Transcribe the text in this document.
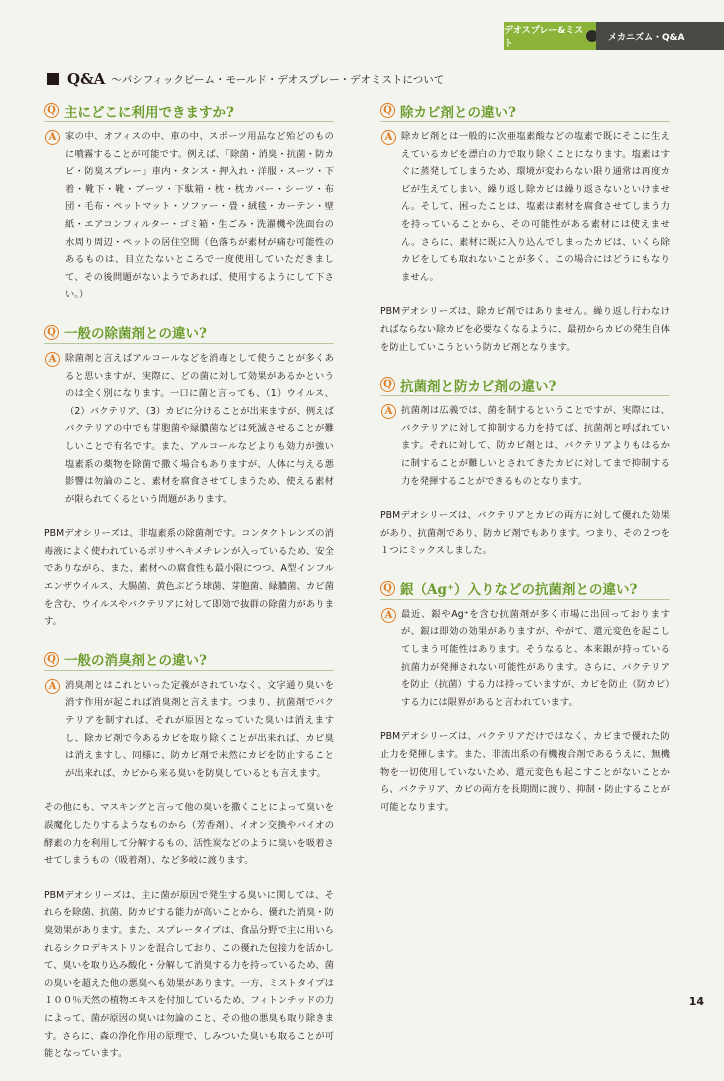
デオスプレー&ミスト
メカニズム・Q&A
Q&A 〜パシフィックビーム・モールド・デオスプレー・デオミストについて
Q 主にどこに利用できますか?
A 家の中、オフィスの中、車の中、スポーツ用品など殆どのものに噴霧することが可能です。例えば、「除菌・消臭・抗菌・防カビ・防臭スプレー」車内・タンス・押入れ・洋服・スーツ・下着・靴下・靴・ブーツ・下駄箱・枕・枕カバー・シーツ・布団・毛布・ペットマット・ソファー・畳・絨毯・カーテン・壁紙・エアコンフィルター・ゴミ箱・生ごみ・洗濯機や洗面台の水周り周辺・ペットの居住空間（色落ちが素材が痛む可能性のあるものは、目立たないところで一度使用していただきまして、その後問題がないようであれば、使用するようにして下さい。）

Q 一般の除菌剤との違い?
A 除菌剤と言えばアルコールなどを消毒として使うことが多くあると思いますが、実際に、どの菌に対して効果があるかというのは全く別になります。一口に菌と言っても、（1）ウイルス、（2）バクテリア、（3）カビに分けることが出来ますが、例えばバクテリアの中でも芽胞菌や緑膿菌などは死滅させることが難しいことで有名です。また、アルコールなどよりも効力が強い塩素系の薬物を除菌で撒く場合もありますが、人体に与える悪影響は勿論のこと、素材を腐食させてしまうため、使える素材が限られてくるという問題があります。

PBMデオシリーズは、非塩素系の除菌剤です。コンタクトレンズの消毒液によく使われているポリサヘキメチレンが入っているため、安全でありながら、また、素材への腐食性も最小限につつ、A型インフルエンザウイルス、大腸菌、黄色ぶどう球菌、芽胞菌、緑膿菌、カビ菌を含む、ウイルスやバクテリアに対して即効で抜群の除菌力があります。

Q 一般の消臭剤との違い?
A 消臭剤とはこれといった定義がされていなく、文字通り臭いを消す作用が起これば消臭剤と言えます。つまり、抗菌剤でバクテリアを制すれば、それが原因となっていた臭いは消えますし、除カビ剤で今あるカビを取り除くことが出来れば、カビ臭は消えますし、同様に、防カビ剤で未然にカビを防止することが出来れば、カビから来る臭いを防臭しているとも言えます。

その他にも、マスキングと言って他の臭いを撒くことによって臭いを誤魔化したりするようなものから（芳香剤）、イオン交換やバイオの酵素の力を利用して分解するもの、活性炭などのように臭いを吸着させてしまうもの（吸着剤）、など多岐に渡ります。

PBMデオシリーズは、主に菌が原因で発生する臭いに関しては、それらを除菌、抗菌、防カビする能力が高いことから、優れた消臭・防臭効果があります。また、スプレータイプは、食品分野で主に用いられるシクロデキストリンを混合しており、この優れた包接力を活かして、臭いを取り込み酸化・分解して消臭する力を持っているため、菌の臭いを超えた他の悪臭へも効果があります。一方、ミストタイプは１００％天然の植物エキスを付加しているため、フィトンチッドの力によって、菌が原因の臭いは勿論のこと、その他の悪臭も取り除きます。さらに、森の浄化作用の原理で、しみついた臭いも取ることが可能となっています。

Q 除カビ剤との違い?
A 除カビ剤とは一般的に次亜塩素酸などの塩素で既にそこに生ええているカビを漂白の力で取り除くことになります。塩素はすぐに蒸発してしまうため、環境が変わらない限り通常は再度カビが生えてしまい、繰り返し除カビは繰り返さないといけません。そして、困ったことは、塩素は素材を腐食させてしまう力を持っていることから、その可能性がある素材には使えません。さらに、素材に既に入り込んでしまったカビは、いくら除カビをしても取れないことが多く、この場合にはどうにもなりません。

PBMデオシリーズは、除カビ剤ではありません。繰り返し行わなければならない除カビを必要なくなるように、最初からカビの発生自体を防止していこうという防カビ剤となります。

Q 抗菌剤と防カビ剤の違い?
A 抗菌剤は広義では、菌を制するということですが、実際には、バクテリアに対して抑制する力を持てば、抗菌剤と呼ばれています。それに対して、防カビ剤とは、バクテリアよりもはるかに制することが難しいとされてきたカビに対してまで抑制する力を発揮することができるものとなります。

PBMデオシリーズは、バクテリアとカビの両方に対して優れた効果があり、抗菌剤であり、防カビ剤でもあります。つまり、その２つを１つにミックスしました。

Q 銀（Ag⁺）入りなどの抗菌剤との違い?
A 最近、銀やAg⁺を含む抗菌剤が多く市場に出回っておりますが、銀は即効の効果がありますが、やがて、還元変色を起こしてしまう可能性はあります。そうなると、本来銀が持っている抗菌力が発揮されない可能性があります。さらに、バクテリアを防止（抗菌）する力は持っていますが、カビを防止（防カビ）する力には限界があると言われています。

PBMデオシリーズは、バクテリアだけではなく、カビまで優れた防止力を発揮します。また、非流出系の有機複合剤であるうえに、無機物を一切使用していないため、還元変色も起こすことがないことから、バクテリア、カビの両方を長期間に渡り、抑制・防止することが可能となります。

14
